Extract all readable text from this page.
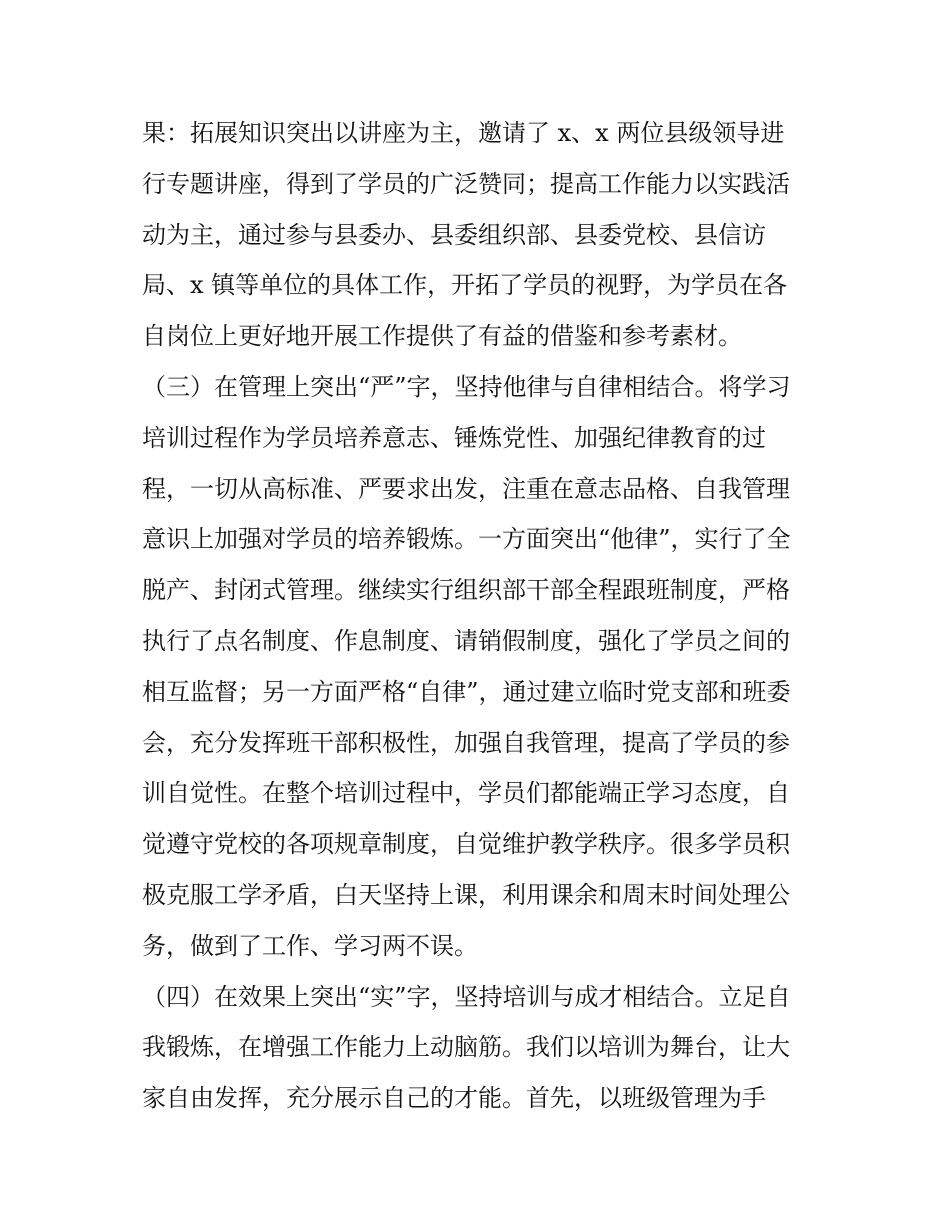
果：拓展知识突出以讲座为主，邀请了 x、x 两位县级领导进
行专题讲座，得到了学员的广泛赞同；提高工作能力以实践活
动为主，通过参与县委办、县委组织部、县委党校、县信访
局、x 镇等单位的具体工作，开拓了学员的视野，为学员在各
自岗位上更好地开展工作提供了有益的借鉴和参考素材。
（三）在管理上突出“严”字，坚持他律与自律相结合。将学习
培训过程作为学员培养意志、锤炼党性、加强纪律教育的过
程，一切从高标准、严要求出发，注重在意志品格、自我管理
意识上加强对学员的培养锻炼。一方面突出“他律”，实行了全
脱产、封闭式管理。继续实行组织部干部全程跟班制度，严格
执行了点名制度、作息制度、请销假制度，强化了学员之间的
相互监督；另一方面严格“自律”，通过建立临时党支部和班委
会，充分发挥班干部积极性，加强自我管理，提高了学员的参
训自觉性。在整个培训过程中，学员们都能端正学习态度，自
觉遵守党校的各项规章制度，自觉维护教学秩序。很多学员积
极克服工学矛盾，白天坚持上课，利用课余和周末时间处理公
务，做到了工作、学习两不误。
（四）在效果上突出“实”字，坚持培训与成才相结合。立足自
我锻炼，在增强工作能力上动脑筋。我们以培训为舞台，让大
家自由发挥，充分展示自己的才能。首先，以班级管理为手
